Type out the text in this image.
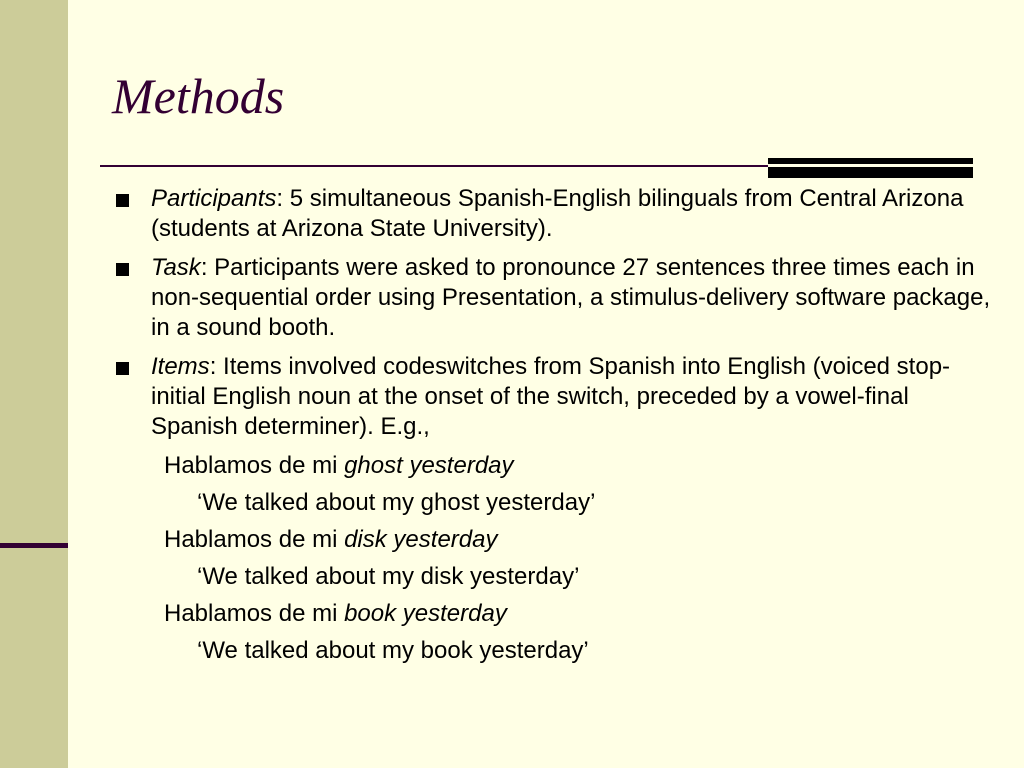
Methods
Participants: 5 simultaneous Spanish-English bilinguals from Central Arizona (students at Arizona State University).
Task: Participants were asked to pronounce 27 sentences three times each in non-sequential order using Presentation, a stimulus-delivery software package, in a sound booth.
Items: Items involved codeswitches from Spanish into English (voiced stop-initial English noun at the onset of the switch, preceded by a vowel-final Spanish determiner). E.g.,
Hablamos de mi ghost yesterday
‘We talked about my ghost yesterday’
Hablamos de mi disk yesterday
‘We talked about my disk yesterday’
Hablamos de mi book yesterday
‘We talked about my book yesterday’
